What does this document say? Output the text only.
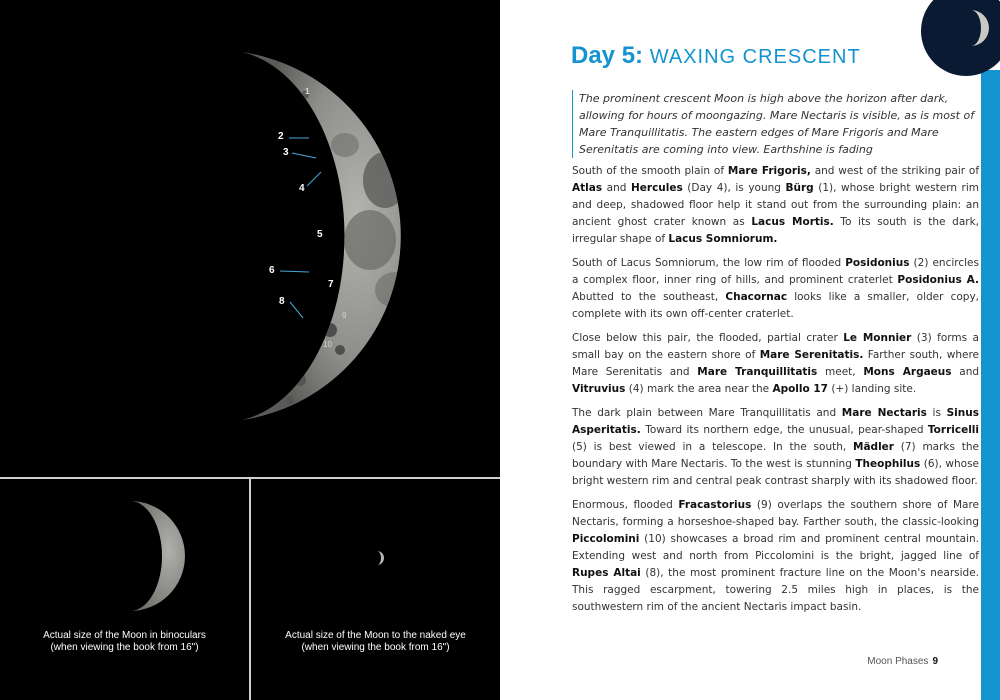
1
2
3
4
5
6
7
8
9
10
Actual size of the Moon in binoculars
(when viewing the book from 16")
Actual size of the Moon to the naked eye
(when viewing the book from 16")
Day 5: WAXING CRESCENT
The prominent crescent Moon is high above the horizon after dark, allowing for hours of moongazing. Mare Nectaris is visible, as is most of Mare Tranquillitatis. The eastern edges of Mare Frigoris and Mare Serenitatis are coming into view. Earthshine is fading

South of the smooth plain of Mare Frigoris, and west of the striking pair of Atlas and Hercules (Day 4), is young Bürg (1), whose bright western rim and deep, shadowed floor help it stand out from the surrounding plain: an ancient ghost crater known as Lacus Mortis. To its south is the dark, irregular shape of Lacus Somniorum.

South of Lacus Somniorum, the low rim of flooded Posidonius (2) encircles a complex floor, inner ring of hills, and prominent craterlet Posidonius A. Abutted to the southeast, Chacornac looks like a smaller, older copy, complete with its own off-center craterlet.

Close below this pair, the flooded, partial crater Le Monnier (3) forms a small bay on the eastern shore of Mare Serenitatis. Farther south, where Mare Serenitatis and Mare Tranquillitatis meet, Mons Argaeus and Vitruvius (4) mark the area near the Apollo 17 (+) landing site.

The dark plain between Mare Tranquillitatis and Mare Nectaris is Sinus Asperitatis. Toward its northern edge, the unusual, pear-shaped Torricelli (5) is best viewed in a telescope. In the south, Mädler (7) marks the boundary with Mare Nectaris. To the west is stunning Theophilus (6), whose bright western rim and central peak contrast sharply with its shadowed floor.

Enormous, flooded Fracastorius (9) overlaps the southern shore of Mare Nectaris, forming a horseshoe-shaped bay. Farther south, the classic-looking Piccolomini (10) showcases a broad rim and prominent central mountain. Extending west and north from Piccolomini is the bright, jagged line of Rupes Altai (8), the most prominent fracture line on the Moon's nearside. This ragged escarpment, towering 2.5 miles high in places, is the southwestern rim of the ancient Nectaris impact basin.

Moon Phases 9
